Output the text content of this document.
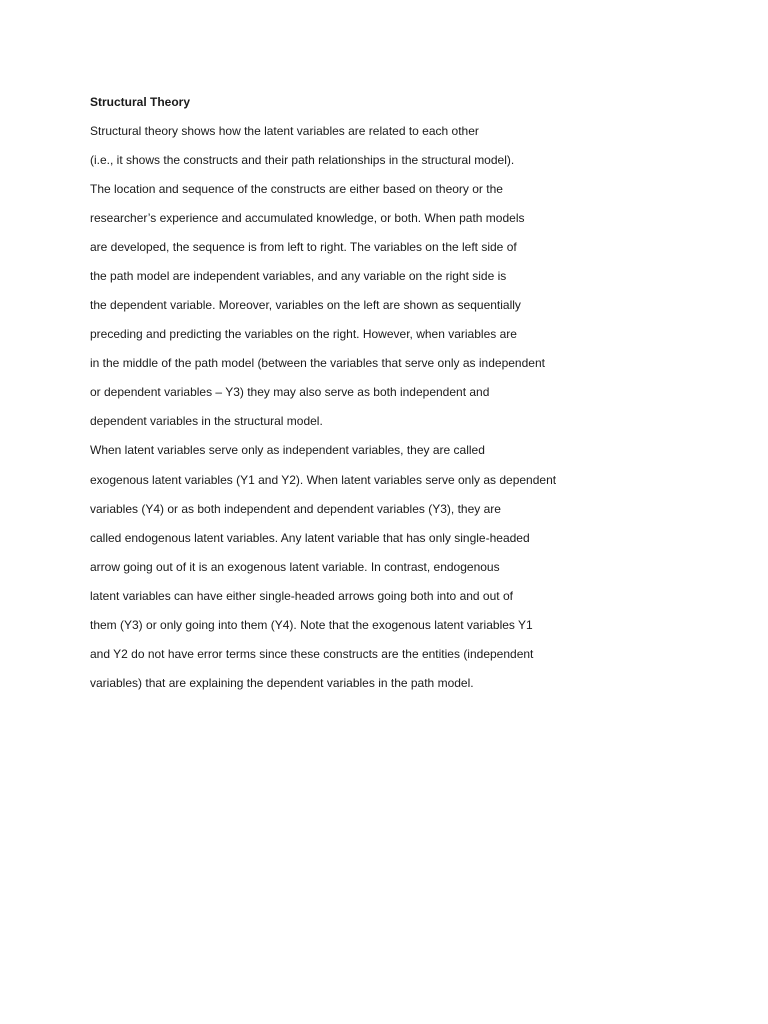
Structural Theory
Structural theory shows how the latent variables are related to each other
(i.e., it shows the constructs and their path relationships in the structural model).
The location and sequence of the constructs are either based on theory or the
researcher’s experience and accumulated knowledge, or both. When path models
are developed, the sequence is from left to right. The variables on the left side of
the path model are independent variables, and any variable on the right side is
the dependent variable. Moreover, variables on the left are shown as sequentially
preceding and predicting the variables on the right. However, when variables are
in the middle of the path model (between the variables that serve only as independent
or dependent variables – Y3) they may also serve as both independent and
dependent variables in the structural model.
When latent variables serve only as independent variables, they are called
exogenous latent variables (Y1 and Y2). When latent variables serve only as dependent
variables (Y4) or as both independent and dependent variables (Y3), they are
called endogenous latent variables. Any latent variable that has only single-headed
arrow going out of it is an exogenous latent variable. In contrast, endogenous
latent variables can have either single-headed arrows going both into and out of
them (Y3) or only going into them (Y4). Note that the exogenous latent variables Y1
and Y2 do not have error terms since these constructs are the entities (independent
variables) that are explaining the dependent variables in the path model.
